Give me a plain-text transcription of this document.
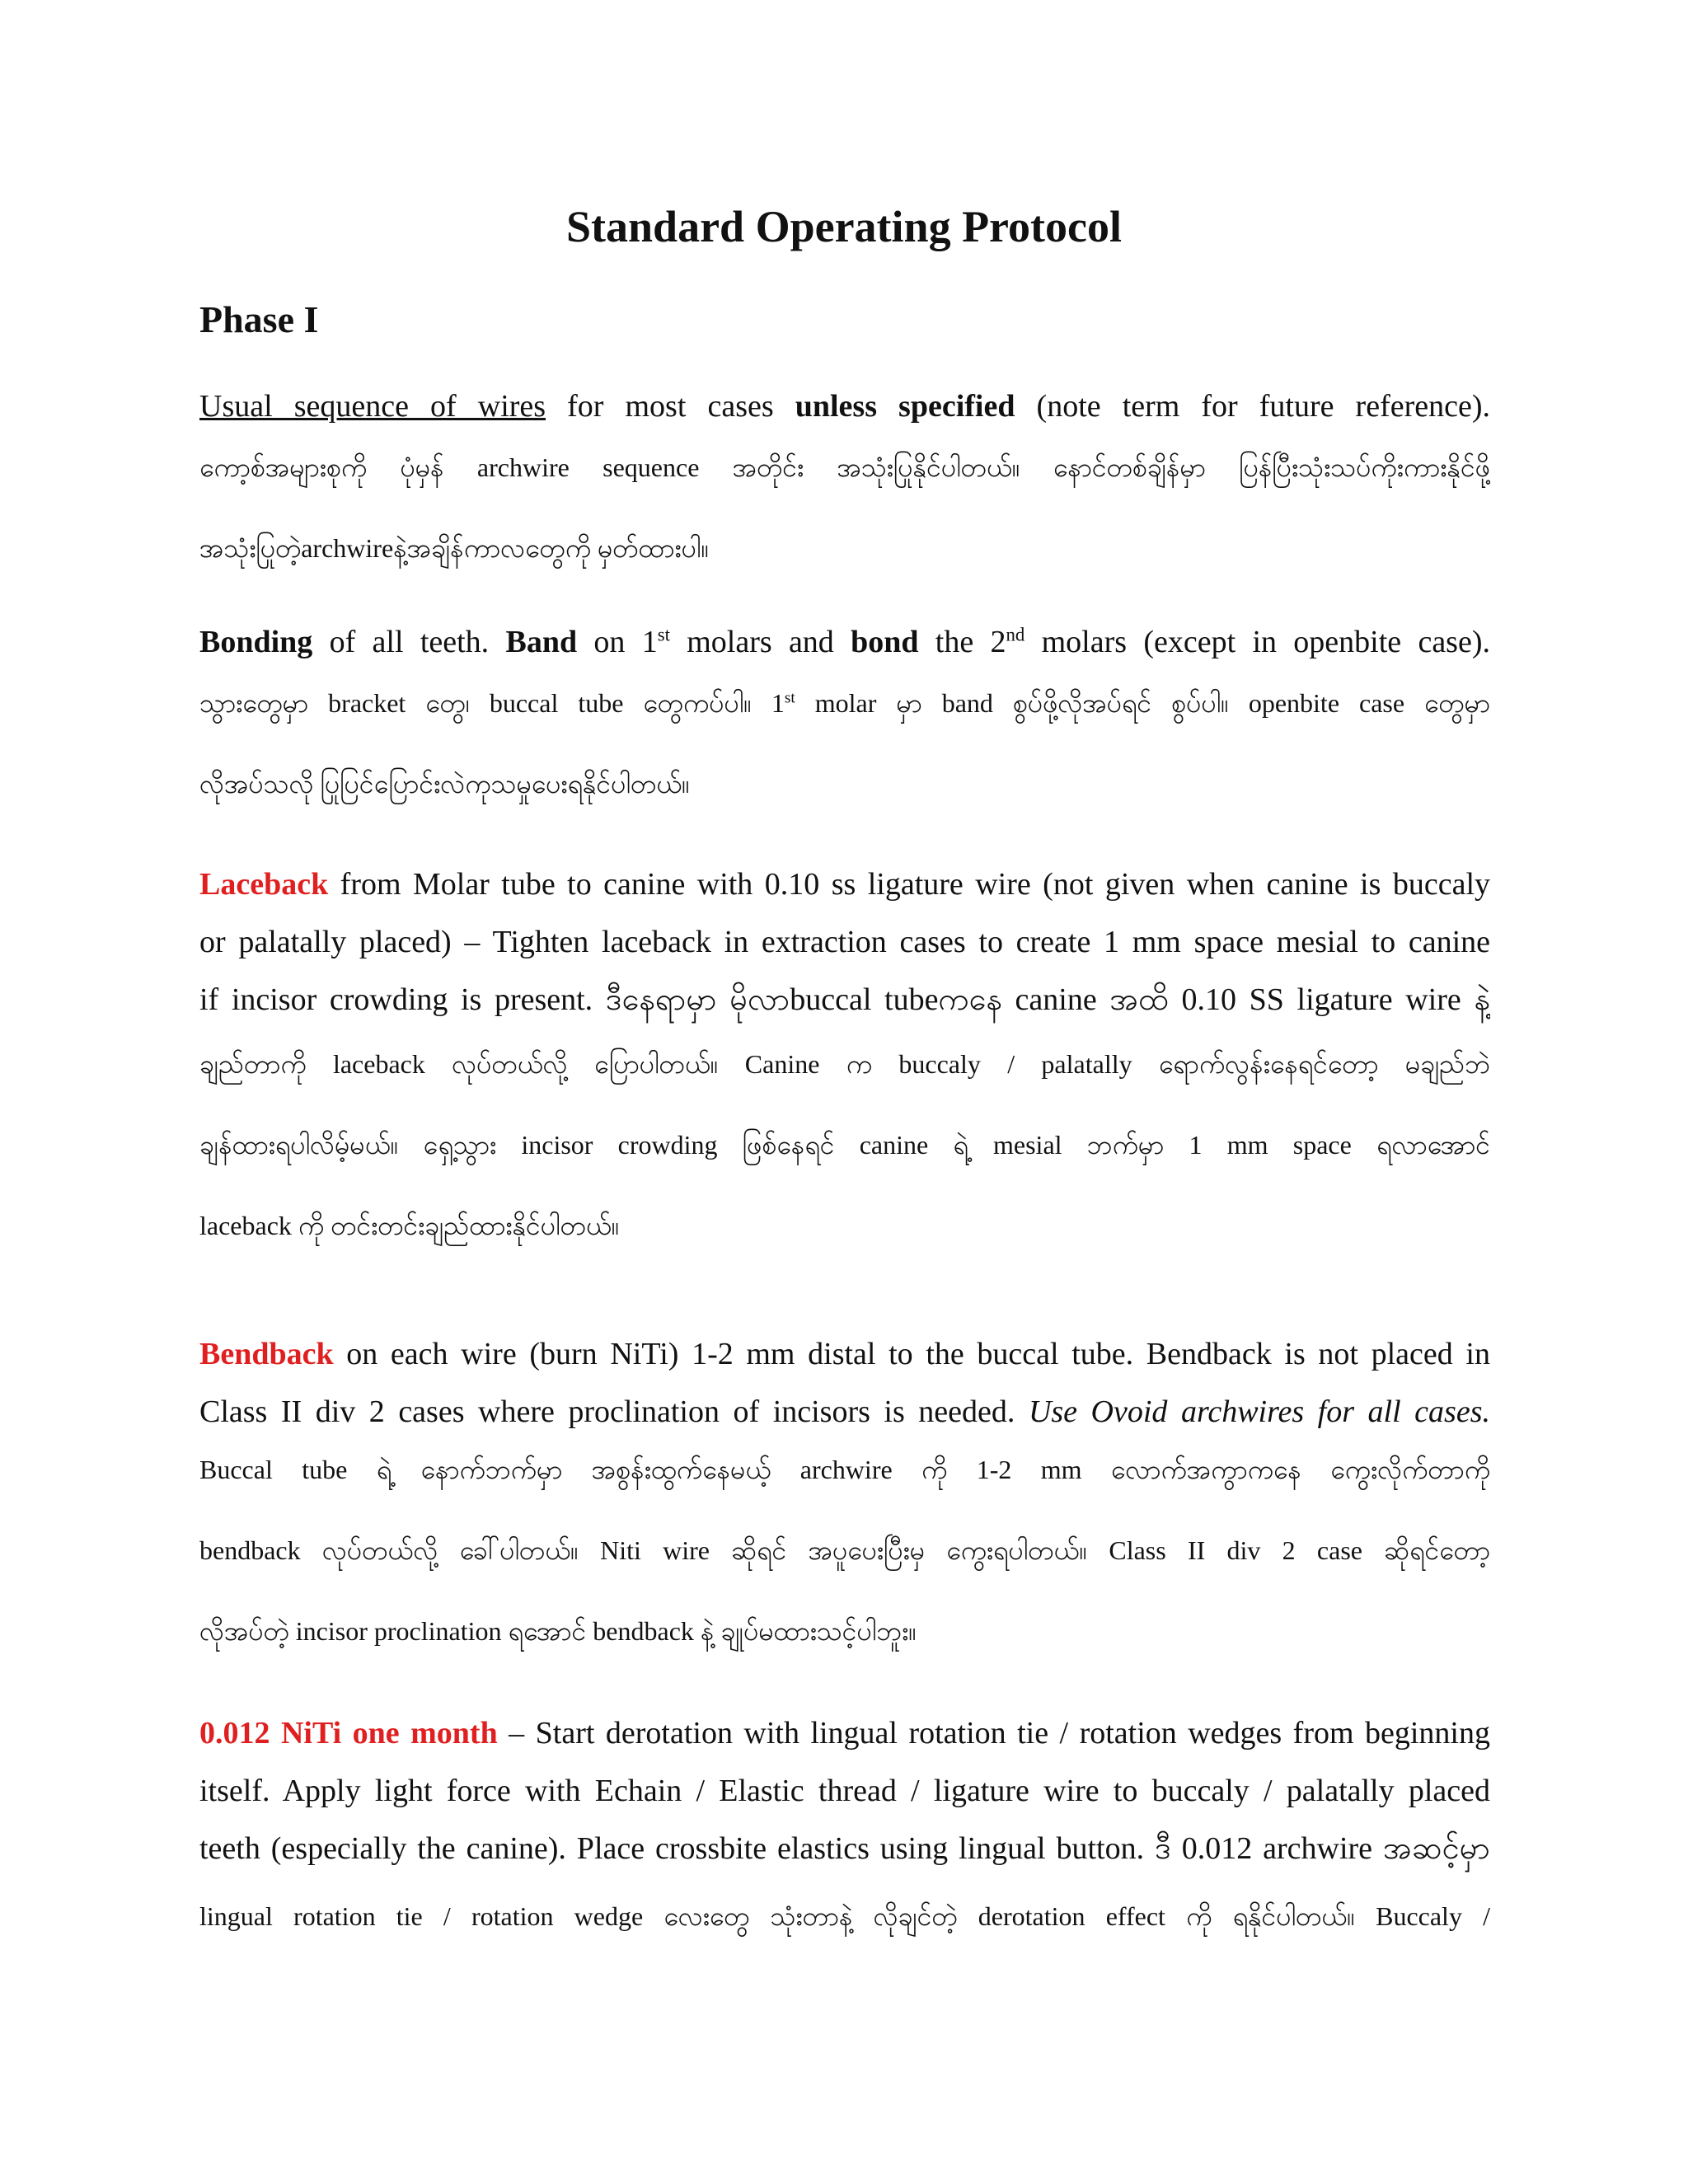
Standard Operating Protocol
Phase I
Usual sequence of wires for most cases unless specified (note term for future reference).
ကော့စ်အများစုကို ပုံမှန် archwire sequence အတိုင်း အသုံးပြုနိုင်ပါတယ်။ နောင်တစ်ချိန်မှာ ပြန်ပြီးသုံးသပ်ကိုးကားနိုင်ဖို့
အသုံးပြုတဲ့archwireနဲ့အချိန်ကာလတွေကို မှတ်ထားပါ။
Bonding of all teeth. Band on 1st molars and bond the 2nd molars (except in openbite case).
သွားတွေမှာ bracket တွေ၊ buccal tube တွေကပ်ပါ။ 1st molar မှာ band စွပ်ဖို့လိုအပ်ရင် စွပ်ပါ။ openbite case တွေမှာ
လိုအပ်သလို ပြုပြင်ပြောင်းလဲကုသမှုပေးရနိုင်ပါတယ်။
Laceback from Molar tube to canine with 0.10 ss ligature wire (not given when canine is buccaly
or palatally placed) – Tighten laceback in extraction cases to create 1 mm space mesial to canine
if incisor crowding is present. ဒီနေရာမှာ မိုလာbuccal tubeကနေ canine အထိ 0.10 SS ligature wire နဲ့
ချည်တာကို laceback လုပ်တယ်လို့ ပြောပါတယ်။ Canine က buccaly / palatally ရောက်လွန်းနေရင်တော့ မချည်ဘဲ
ချန်ထားရပါလိမ့်မယ်။ ရှေ့သွား incisor crowding ဖြစ်နေရင် canine ရဲ့ mesial ဘက်မှာ 1 mm space ရလာအောင်
laceback ကို တင်းတင်းချည်ထားနိုင်ပါတယ်။
Bendback on each wire (burn NiTi) 1-2 mm distal to the buccal tube. Bendback is not placed in
Class II div 2 cases where proclination of incisors is needed. Use Ovoid archwires for all cases.
Buccal tube ရဲ့ နောက်ဘက်မှာ အစွန်းထွက်နေမယ့် archwire ကို 1-2 mm လောက်အကွာကနေ ကွေးလိုက်တာကို
bendback လုပ်တယ်လို့ ခေါ်ပါတယ်။ Niti wire ဆိုရင် အပူပေးပြီးမှ ကွေးရပါတယ်။ Class II div 2 case ဆိုရင်တော့
လိုအပ်တဲ့ incisor proclination ရအောင် bendback နဲ့ ချုပ်မထားသင့်ပါဘူး။
0.012 NiTi one month – Start derotation with lingual rotation tie / rotation wedges from beginning
itself. Apply light force with Echain / Elastic thread / ligature wire to buccaly / palatally placed
teeth (especially the canine). Place crossbite elastics using lingual button. ဒီ 0.012 archwire အဆင့်မှာ
lingual rotation tie / rotation wedge လေးတွေ သုံးတာနဲ့ လိုချင်တဲ့ derotation effect ကို ရနိုင်ပါတယ်။ Buccaly /
